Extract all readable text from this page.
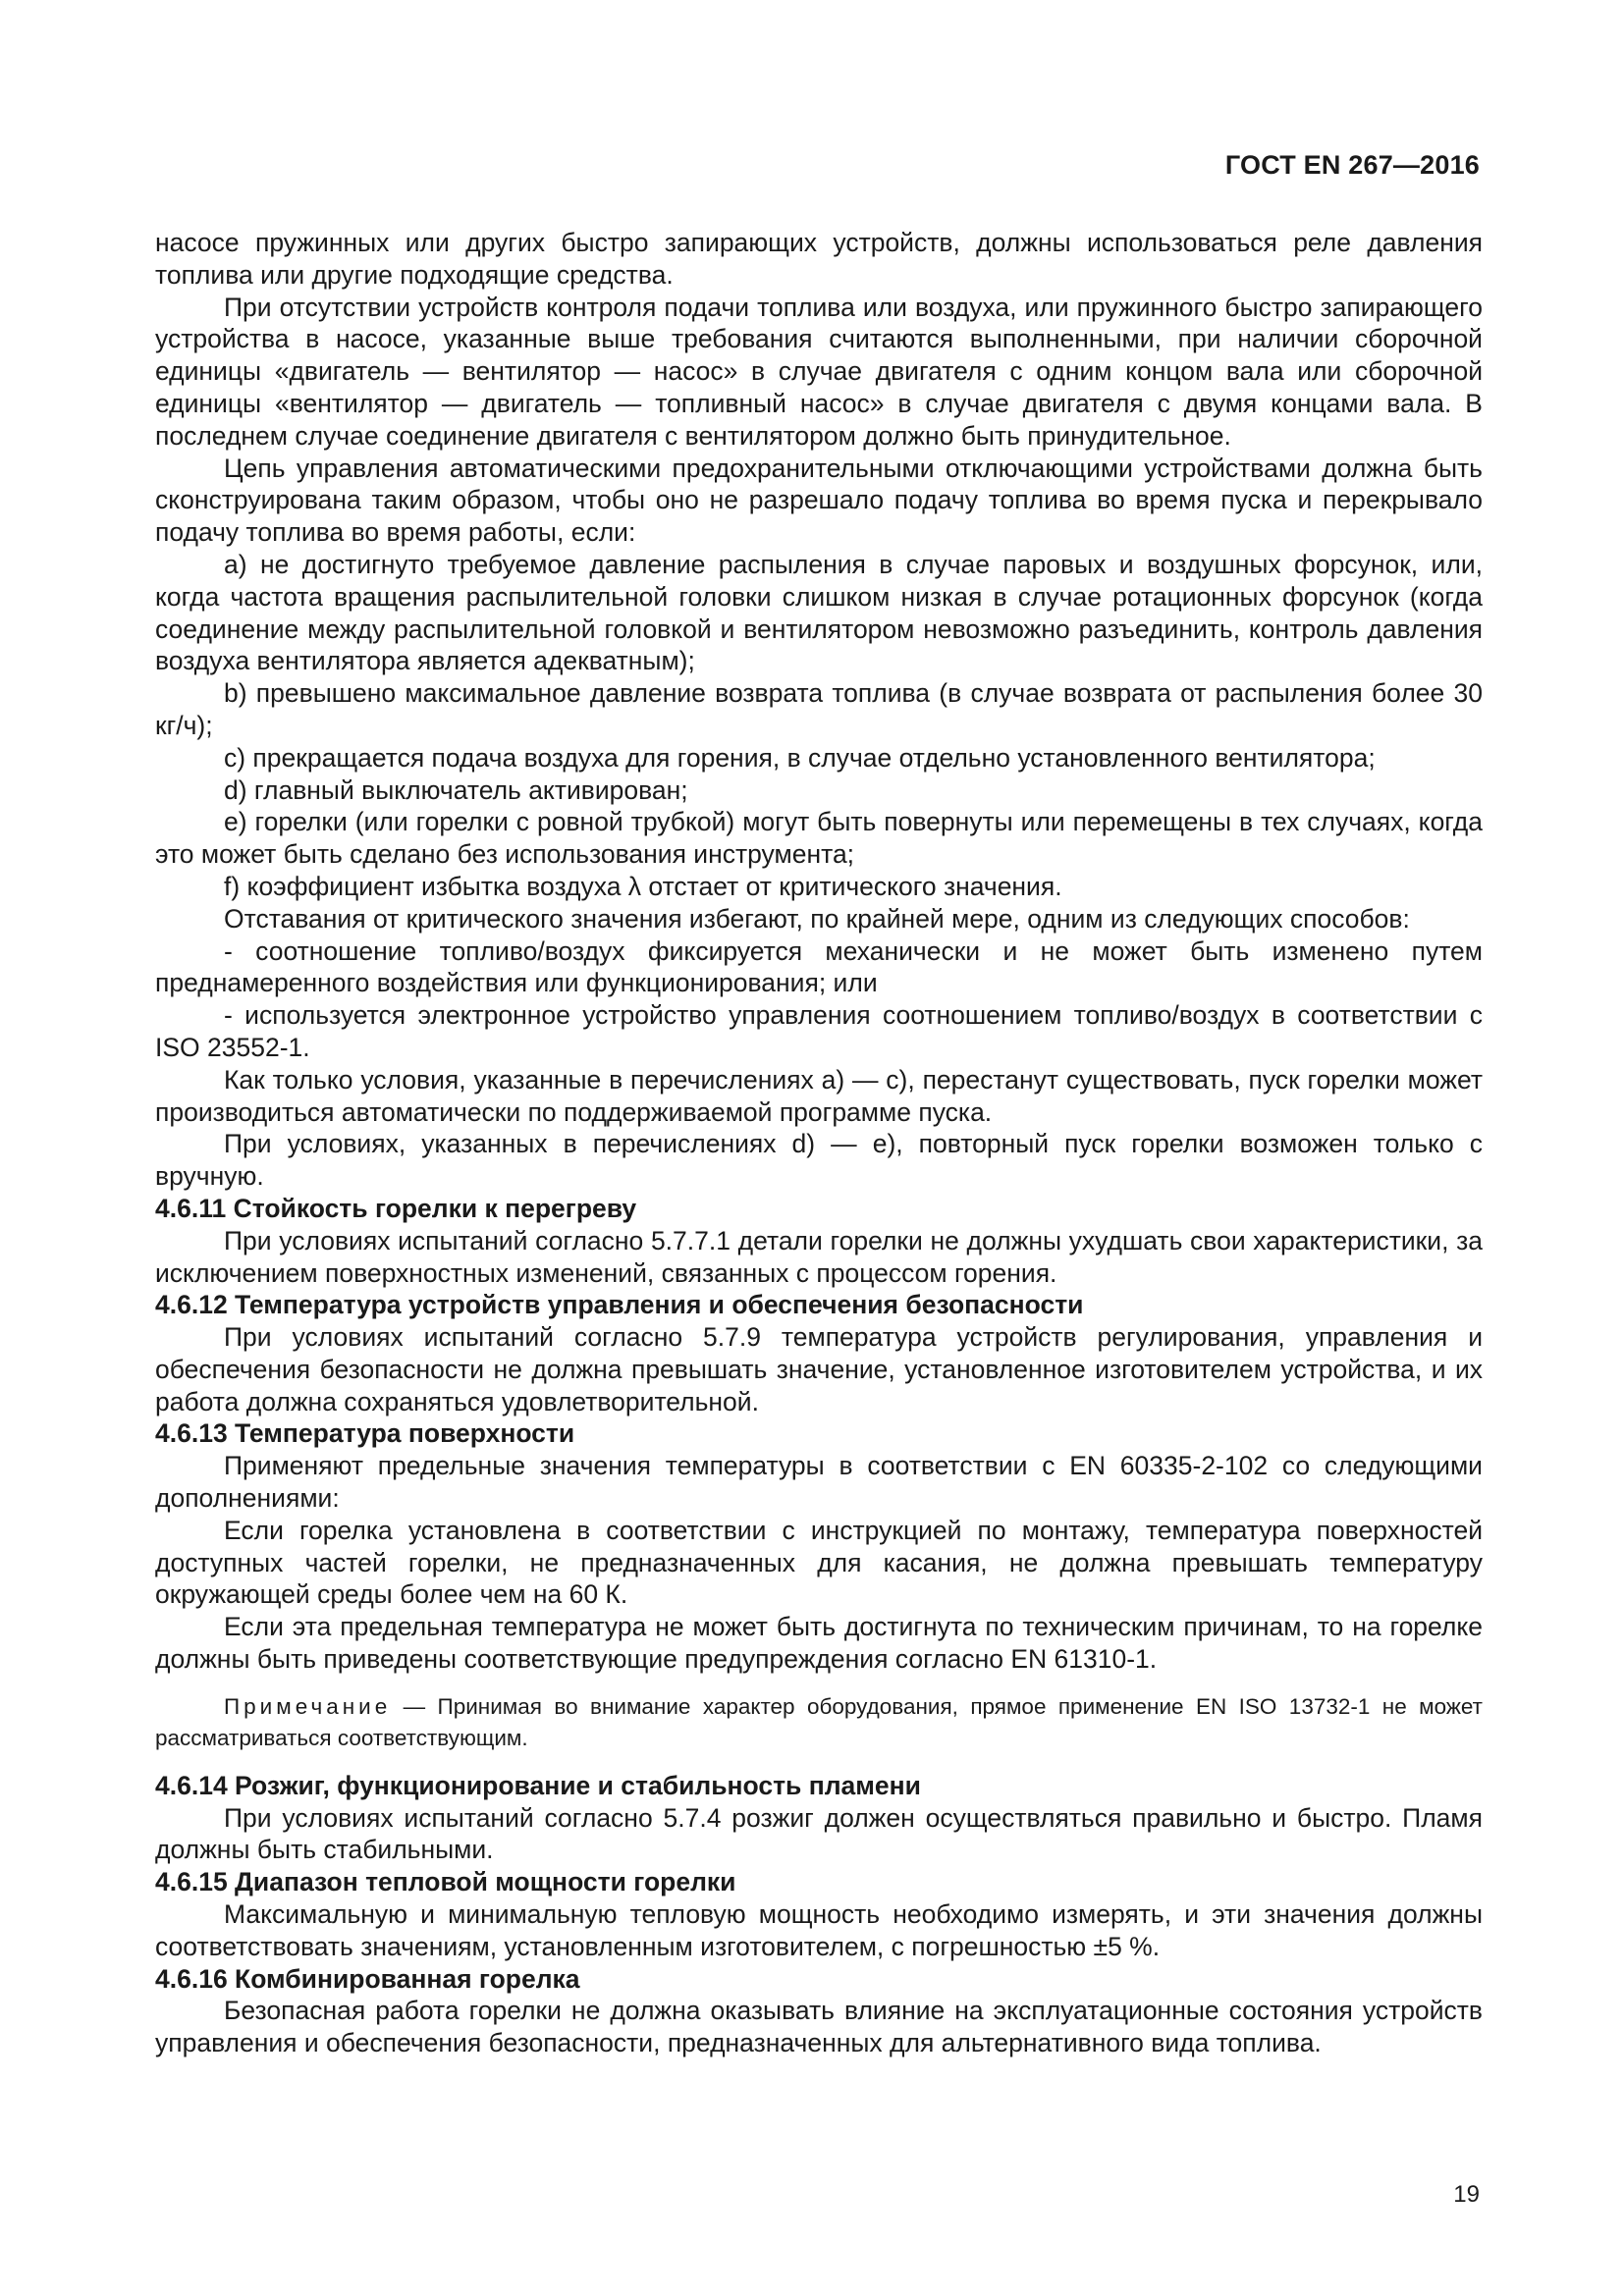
ГОСТ EN 267—2016

насосе пружинных или других быстро запирающих устройств, должны использоваться реле давления топлива или другие подходящие средства.

При отсутствии устройств контроля подачи топлива или воздуха, или пружинного быстро запирающего устройства в насосе, указанные выше требования считаются выполненными, при наличии сборочной единицы «двигатель — вентилятор — насос» в случае двигателя с одним концом вала или сборочной единицы «вентилятор — двигатель — топливный насос» в случае двигателя с двумя концами вала. В последнем случае соединение двигателя с вентилятором должно быть принудительное.

Цепь управления автоматическими предохранительными отключающими устройствами должна быть сконструирована таким образом, чтобы оно не разрешало подачу топлива во время пуска и перекрывало подачу топлива во время работы, если:

а) не достигнуто требуемое давление распыления в случае паровых и воздушных форсунок, или, когда частота вращения распылительной головки слишком низкая в случае ротационных форсунок (когда соединение между распылительной головкой и вентилятором невозможно разъединить, контроль давления воздуха вентилятора является адекватным);

b) превышено максимальное давление возврата топлива (в случае возврата от распыления более 30 кг/ч);

с) прекращается подача воздуха для горения, в случае отдельно установленного вентилятора;

d) главный выключатель активирован;

е) горелки (или горелки с ровной трубкой) могут быть повернуты или перемещены в тех случаях, когда это может быть сделано без использования инструмента;

f) коэффициент избытка воздуха λ отстает от критического значения.

Отставания от критического значения избегают, по крайней мере, одним из следующих способов:

- соотношение топливо/воздух фиксируется механически и не может быть изменено путем преднамеренного воздействия или функционирования; или

- используется электронное устройство управления соотношением топливо/воздух в соответствии с ISO 23552-1.

Как только условия, указанные в перечислениях а) — с), перестанут существовать, пуск горелки может производиться автоматически по поддерживаемой программе пуска.

При условиях, указанных в перечислениях d) — е), повторный пуск горелки возможен только с вручную.

4.6.11 Стойкость горелки к перегреву

При условиях испытаний согласно 5.7.7.1 детали горелки не должны ухудшать свои характеристики, за исключением поверхностных изменений, связанных с процессом горения.

4.6.12 Температура устройств управления и обеспечения безопасности

При условиях испытаний согласно 5.7.9 температура устройств регулирования, управления и обеспечения безопасности не должна превышать значение, установленное изготовителем устройства, и их работа должна сохраняться удовлетворительной.

4.6.13 Температура поверхности

Применяют предельные значения температуры в соответствии с EN 60335-2-102 со следующими дополнениями:

Если горелка установлена в соответствии с инструкцией по монтажу, температура поверхностей доступных частей горелки, не предназначенных для касания, не должна превышать температуру окружающей среды более чем на 60 К.

Если эта предельная температура не может быть достигнута по техническим причинам, то на горелке должны быть приведены соответствующие предупреждения согласно EN 61310-1.

Примечание — Принимая во внимание характер оборудования, прямое применение EN ISO 13732-1 не может рассматриваться соответствующим.

4.6.14 Розжиг, функционирование и стабильность пламени

При условиях испытаний согласно 5.7.4 розжиг должен осуществляться правильно и быстро. Пламя должны быть стабильными.

4.6.15 Диапазон тепловой мощности горелки

Максимальную и минимальную тепловую мощность необходимо измерять, и эти значения должны соответствовать значениям, установленным изготовителем, с погрешностью ±5 %.

4.6.16 Комбинированная горелка

Безопасная работа горелки не должна оказывать влияние на эксплуатационные состояния устройств управления и обеспечения безопасности, предназначенных для альтернативного вида топлива.

19
